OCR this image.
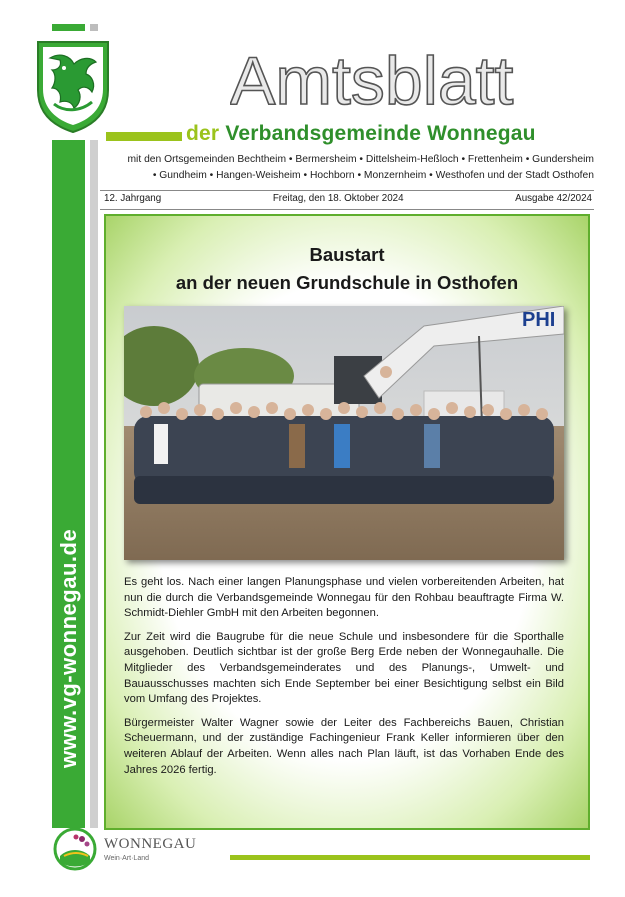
www.vg-wonnegau.de
Amtsblatt
der Verbandsgemeinde Wonnegau
mit den Ortsgemeinden Bechtheim • Bermersheim • Dittelsheim-Heßloch • Frettenheim • Gundersheim
• Gundheim • Hangen-Weisheim • Hochborn • Monzernheim • Westhofen und der Stadt Osthofen
12. Jahrgang	Freitag, den 18. Oktober 2024	Ausgabe 42/2024
Baustart
an der neuen Grundschule in Osthofen
PHI

Es geht los. Nach einer langen Planungsphase und vielen vorbereitenden Arbeiten, hat nun die durch die Verbandsgemeinde Wonnegau für den Rohbau beauftragte Firma W. Schmidt-Diehler GmbH mit den Arbeiten begonnen.

Zur Zeit wird die Baugrube für die neue Schule und insbesondere für die Sporthalle ausgehoben. Deutlich sichtbar ist der große Berg Erde neben der Wonnegauhalle. Die Mitglieder des Verbandsgemeinderates und des Planungs-, Umwelt- und Bauausschusses machten sich Ende September bei einer Besichtigung selbst ein Bild vom Umfang des Projektes.

Bürgermeister Walter Wagner sowie der Leiter des Fachbereichs Bauen, Christian Scheuermann, und der zuständige Fachingenieur Frank Keller informieren über den weiteren Ablauf der Arbeiten. Wenn alles nach Plan läuft, ist das Vorhaben Ende des Jahres 2026 fertig.

WONNEGAU
Wein·Art·Land
